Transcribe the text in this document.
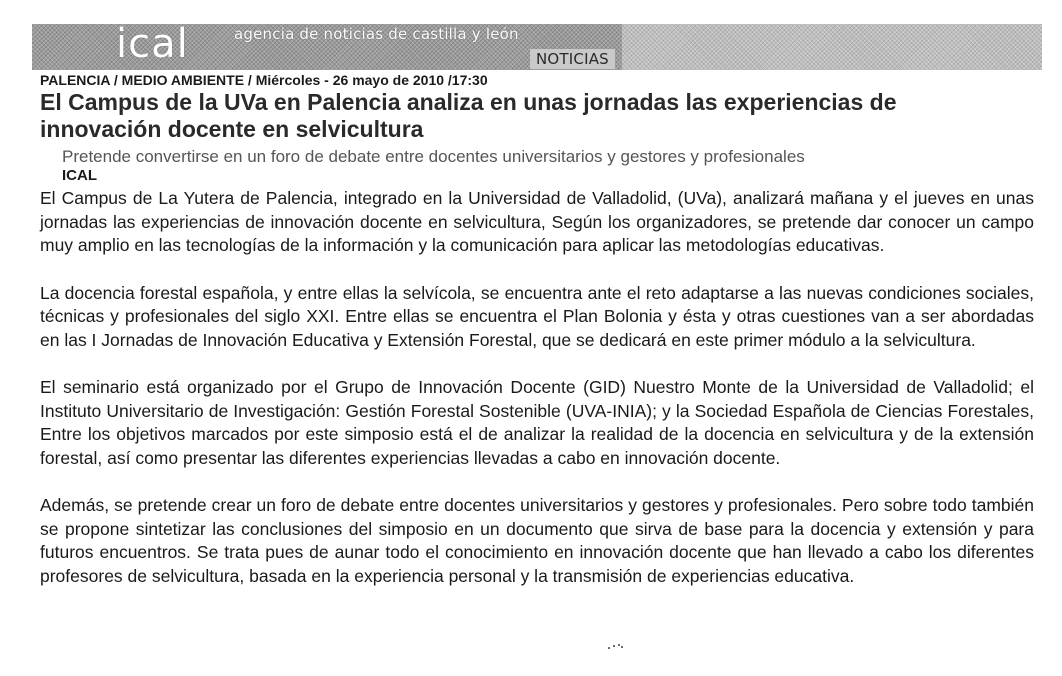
ical	agencia de noticias de castilla y león
NOTICIAS
PALENCIA / MEDIO AMBIENTE / Miércoles - 26 mayo de 2010 /17:30
El Campus de la UVa en Palencia analiza en unas jornadas las experiencias de innovación docente en selvicultura
Pretende convertirse en un foro de debate entre docentes universitarios y gestores y profesionales
ICAL

El Campus de La Yutera de Palencia, integrado en la Universidad de Valladolid, (UVa), analizará mañana y el jueves en unas jornadas las experiencias de innovación docente en selvicultura, Según los organizadores, se pretende dar conocer un campo muy amplio en las tecnologías de la información y la comunicación para aplicar las metodologías educativas.

La docencia forestal española, y entre ellas la selvícola, se encuentra ante el reto adaptarse a las nuevas condiciones sociales, técnicas y profesionales del siglo XXI. Entre ellas se encuentra el Plan Bolonia y ésta y otras cuestiones van a ser abordadas en las I Jornadas de Innovación Educativa y Extensión Forestal, que se dedicará en este primer módulo a la selvicultura.

El seminario está organizado por el Grupo de Innovación Docente (GID) Nuestro Monte de la Universidad de Valladolid; el Instituto Universitario de Investigación: Gestión Forestal Sostenible (UVA-INIA); y la Sociedad Española de Ciencias Forestales, Entre los objetivos marcados por este simposio está el de analizar la realidad de la docencia en selvicultura y de la extensión forestal, así como presentar las diferentes experiencias llevadas a cabo en innovación docente.

Además, se pretende crear un foro de debate entre docentes universitarios y gestores y profesionales. Pero sobre todo también se propone sintetizar las conclusiones del simposio en un documento que sirva de base para la docencia y extensión y para futuros encuentros. Se trata pues de aunar todo el conocimiento en innovación docente que han llevado a cabo los diferentes profesores de selvicultura, basada en la experiencia personal y la transmisión de experiencias educativa.
